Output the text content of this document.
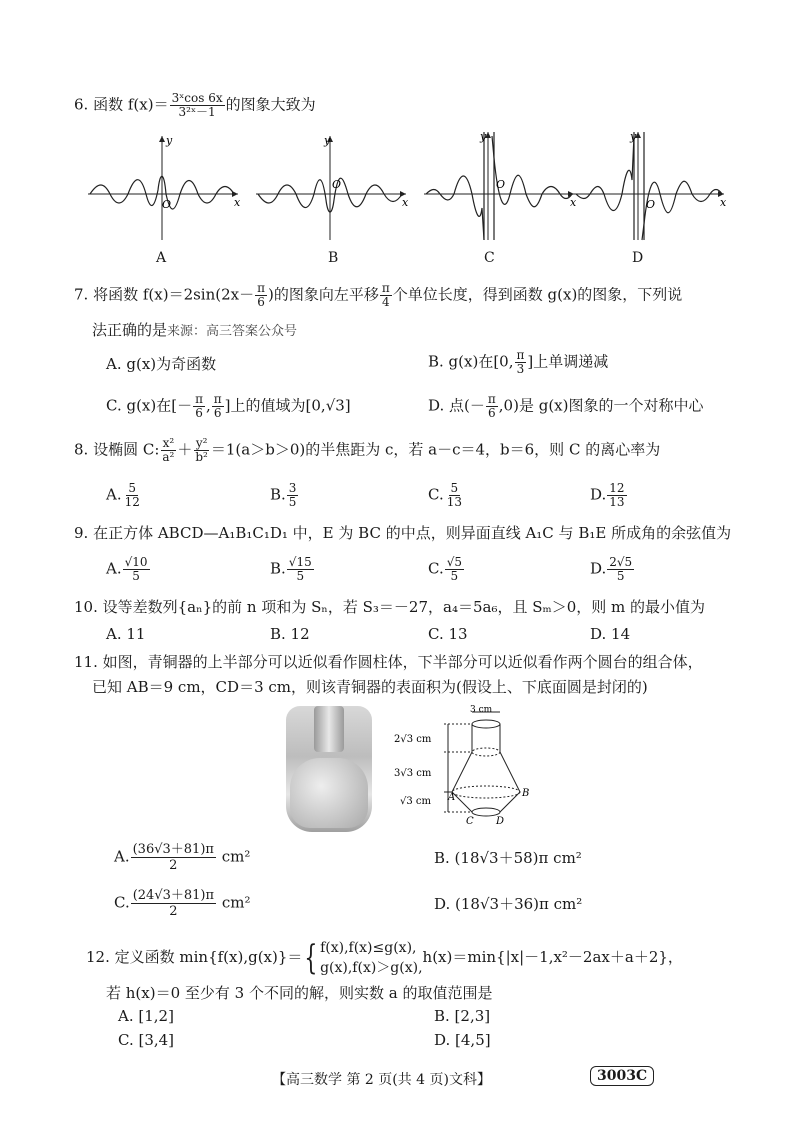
6. 函数 $f(x)= \frac{\text{3ˣcos 6x}}{\text{3²ˣ－1}}$ 的图象大致为
y
x
O
A
y
x
O
B
y
x
O
C
y
x
O
D
7. 将函数 $f(x)=2\sin(2x- \frac{\pi}{6}$ )的图象向左平移 $\frac{\pi}{4}$ 个单位长度，得到函数 g(x)的图象，下列说
法正确的是来源：高三答案公众号
A. g(x)为奇函数	B. g(x)在[0, $\frac{\pi}{3}$ ]上单调递减
C. g(x)在[－ $\frac{\pi}{6}$ , $\frac{\pi}{6}$ ]上的值域为[0,√3]	D. 点(－ $\frac{\pi}{6} ,0$)是 g(x)图象的一个对称中心
8. 设椭圆 C: $\frac{\text{x²}}{\text{a²}} + \frac{\text{y²}}{\text{b²}} =1(a>b>0)$的半焦距为 c，若 a－c＝4，b＝6，则 C 的离心率为
A. $\frac{5}{12}$	B. $\frac{3}{5}$	C. $\frac{5}{13}$	D. $\frac{12}{13}$
9. 在正方体 ABCD—A₁B₁C₁D₁ 中，E 为 BC 的中点，则异面直线 A₁C 与 B₁E 所成角的余弦值为
A. $\frac{√10}{5}$	B. $\frac{√15}{5}$	C. $\frac{√5}{5}$	D. $\frac{2√5}{5}$
10. 设等差数列{aₙ}的前 n 项和为 Sₙ，若 S₃＝－27，a₄＝5a₆，且 Sₘ＞0，则 m 的最小值为
A. 11	B. 12	C. 13	D. 14
11. 如图，青铜器的上半部分可以近似看作圆柱体，下半部分可以近似看作两个圆台的组合体，
已知 AB＝9 cm，CD＝3 cm，则该青铜器的表面积为(假设上、下底面圆是封闭的)
3 cm
2√3 cm
3√3 cm
√3 cm A	B
C D
A. $\frac{(36√3+81)\pi}{2} cm^2$	B. (18√3＋58)π cm²
C. $\frac{(24√3+81)\pi}{2} cm^2$	D. (18√3＋36)π cm²
12. 定义函数 min{f(x),g(x)}＝ { f(x),f(x)≤g(x),
g(x),f(x)＞g(x),
h(x)＝min{|x|－1,x²－2ax＋a＋2}，
若 h(x)＝0 至少有 3 个不同的解，则实数 a 的取值范围是
A. [1,2]	B. [2,3]
C. [3,4]	D. [4,5]
【高三数学 第 2 页(共 4 页)文科】	3003C
